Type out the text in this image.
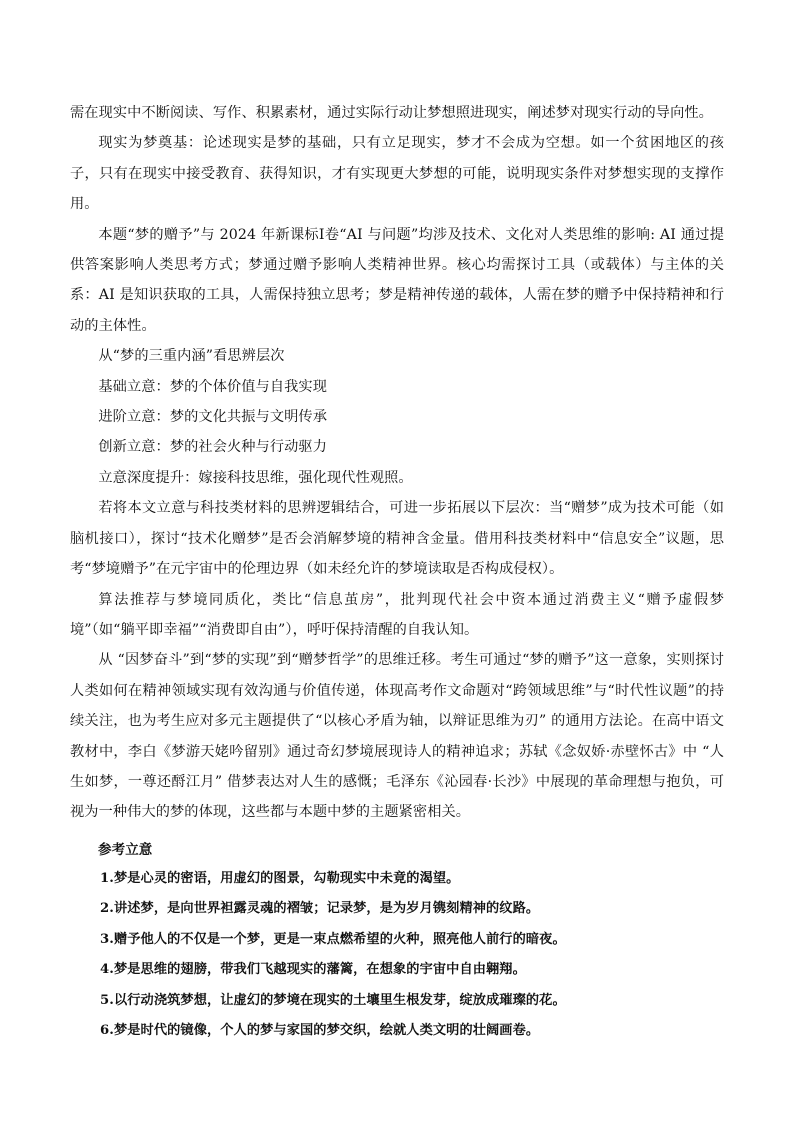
需在现实中不断阅读、写作、积累素材，通过实际行动让梦想照进现实，阐述梦对现实行动的导向性。

现实为梦奠基：论述现实是梦的基础，只有立足现实，梦才不会成为空想。如一个贫困地区的孩子，只有在现实中接受教育、获得知识，才有实现更大梦想的可能，说明现实条件对梦想实现的支撑作用。

本题“梦的赠予”与 2024 年新课标Ⅰ卷“AI 与问题”均涉及技术、文化对人类思维的影响: AI 通过提供答案影响人类思考方式；梦通过赠予影响人类精神世界。核心均需探讨工具（或载体）与主体的关系：AI 是知识获取的工具，人需保持独立思考；梦是精神传递的载体，人需在梦的赠予中保持精神和行动的主体性。

从“梦的三重内涵”看思辨层次

基础立意：梦的个体价值与自我实现

进阶立意：梦的文化共振与文明传承

创新立意：梦的社会火种与行动驱力

立意深度提升：嫁接科技思维，强化现代性观照。

若将本文立意与科技类材料的思辨逻辑结合，可进一步拓展以下层次：当“赠梦”成为技术可能（如脑机接口），探讨“技术化赠梦”是否会消解梦境的精神含金量。借用科技类材料中“信息安全”议题，思考“梦境赠予”在元宇宙中的伦理边界（如未经允许的梦境读取是否构成侵权）。

算法推荐与梦境同质化，类比“信息茧房”，批判现代社会中资本通过消费主义“赠予虚假梦境”（如“躺平即幸福”“消费即自由”），呼吁保持清醒的自我认知。

从 “因梦奋斗”到“梦的实现”到“赠梦哲学”的思维迁移。考生可通过“梦的赠予”这一意象，实则探讨人类如何在精神领域实现有效沟通与价值传递，体现高考作文命题对“跨领域思维”与“时代性议题”的持续关注，也为考生应对多元主题提供了“以核心矛盾为轴，以辩证思维为刃” 的通用方法论。在高中语文教材中，李白《梦游天姥吟留别》通过奇幻梦境展现诗人的精神追求；苏轼《念奴娇·赤壁怀古》中 “人生如梦，一尊还酹江月” 借梦表达对人生的感慨；毛泽东《沁园春·长沙》中展现的革命理想与抱负，可视为一种伟大的梦的体现，这些都与本题中梦的主题紧密相关。

参考立意

1.梦是心灵的密语，用虚幻的图景，勾勒现实中未竟的渴望。

2.讲述梦，是向世界袒露灵魂的褶皱；记录梦，是为岁月镌刻精神的纹路。

3.赠予他人的不仅是一个梦，更是一束点燃希望的火种，照亮他人前行的暗夜。

4.梦是思维的翅膀，带我们飞越现实的藩篱，在想象的宇宙中自由翱翔。

5.以行动浇筑梦想，让虚幻的梦境在现实的土壤里生根发芽，绽放成璀璨的花。

6.梦是时代的镜像，个人的梦与家国的梦交织，绘就人类文明的壮阔画卷。
